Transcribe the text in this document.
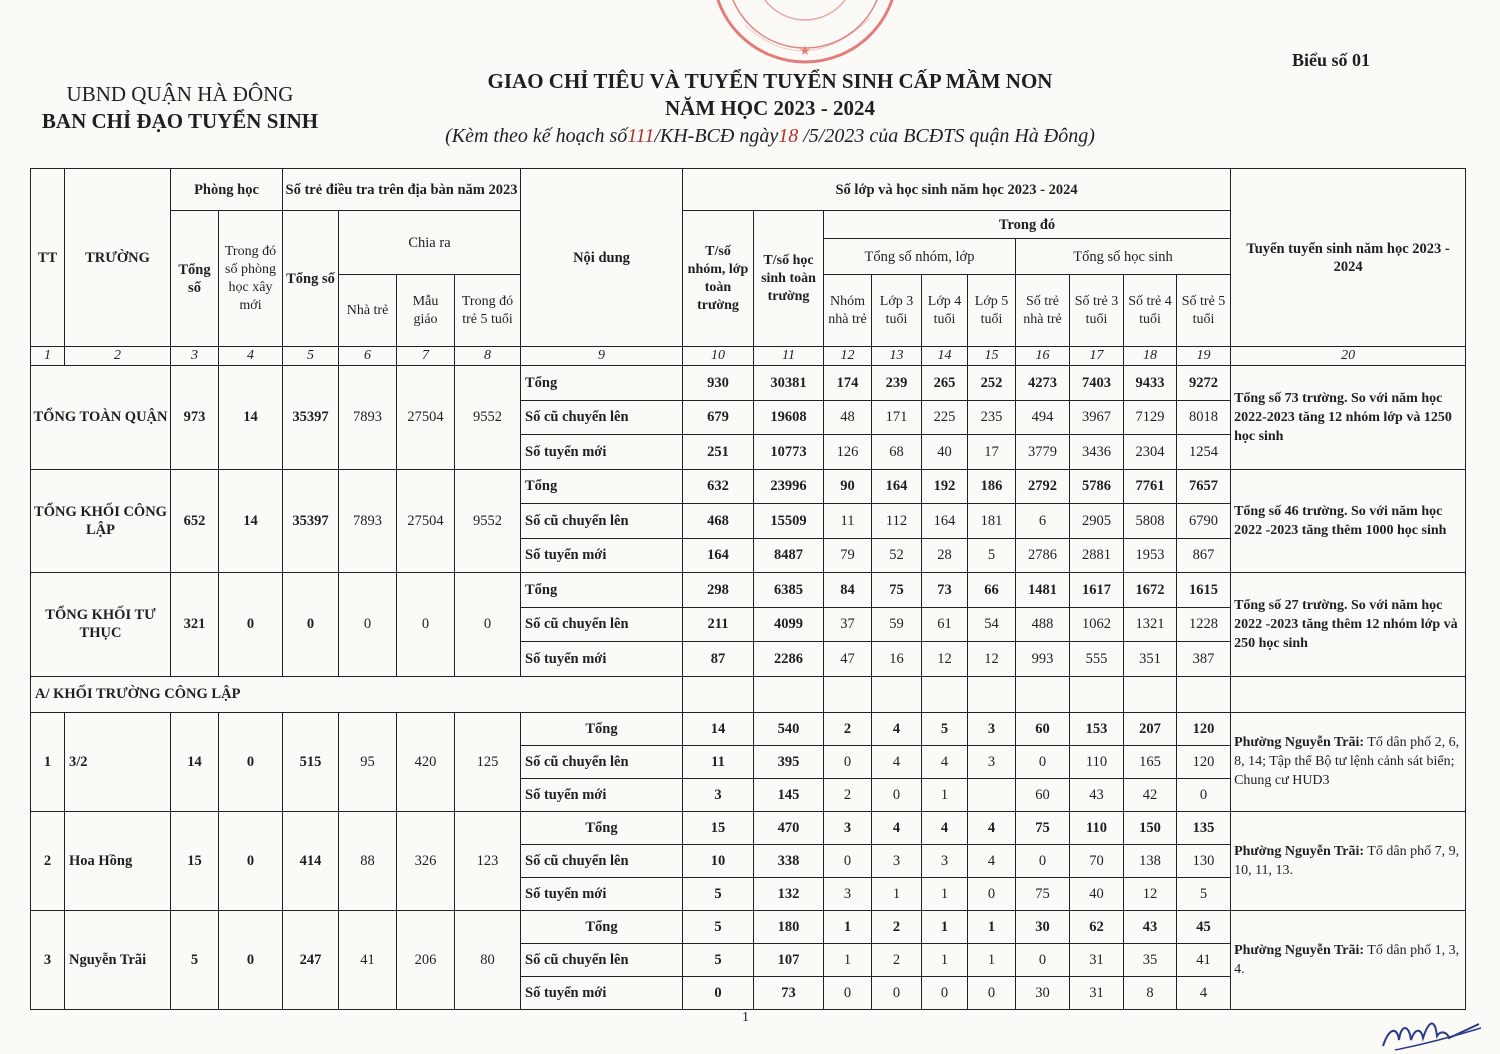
★
UBND QUẬN HÀ ĐÔNG
BAN CHỈ ĐẠO TUYỂN SINH
GIAO CHỈ TIÊU VÀ TUYỂN TUYỂN SINH CẤP MẦM NON
NĂM HỌC 2023 - 2024
(Kèm theo kế hoạch số111/KH-BCĐ ngày18 /5/2023 của BCĐTS quận Hà Đông)
Biểu số 01
TT	TRƯỜNG	Phòng học		Số trẻ điều tra trên địa bàn năm 2023				Nội dung	Số lớp và học sinh năm học 2023 - 2024										Tuyển tuyển sinh năm học 2023 - 2024
		Tổng số	Trong đó số phòng học xây mới	Tổng số	Chia ra				T/số nhóm, lớp toàn trường	T/số học sinh toàn trường	Trong đó								
											Tổng số nhóm, lớp				Tổng số học sinh				
					Nhà trẻ	Mẫu giáo	Trong đó trẻ 5 tuổi				Nhóm nhà trẻ	Lớp 3 tuổi	Lớp 4 tuổi	Lớp 5 tuổi	Số trẻ nhà trẻ	Số trẻ 3 tuổi	Số trẻ 4 tuổi	Số trẻ 5 tuổi	
1	2	3	4	5	6	7	8	9	10	11	12	13	14	15	16	17	18	19	20
TỔNG TOÀN QUẬN		973	14	35397	7893	27504	9552	Tổng	930	30381	174	239	265	252	4273	7403	9433	9272	Tổng số 73 trường. So với năm học 2022-2023 tăng 12 nhóm lớp và 1250 học sinh
								Số cũ chuyển lên	679	19608	48	171	225	235	494	3967	7129	8018	
								Số tuyển mới	251	10773	126	68	40	17	3779	3436	2304	1254	
TỔNG KHỐI CÔNG LẬP		652	14	35397	7893	27504	9552	Tổng	632	23996	90	164	192	186	2792	5786	7761	7657	Tổng số 46 trường. So với năm học 2022 -2023 tăng thêm 1000 học sinh
								Số cũ chuyển lên	468	15509	11	112	164	181	6	2905	5808	6790	
								Số tuyển mới	164	8487	79	52	28	5	2786	2881	1953	867	
TỔNG KHỐI TƯ THỤC		321	0	0	0	0	0	Tổng	298	6385	84	75	73	66	1481	1617	1672	1615	Tổng số 27 trường. So với năm học 2022 -2023 tăng thêm 12 nhóm lớp và 250 học sinh
								Số cũ chuyển lên	211	4099	37	59	61	54	488	1062	1321	1228	
								Số tuyển mới	87	2286	47	16	12	12	993	555	351	387	
A/ KHỐI TRƯỜNG CÔNG LẬP																			
1	3/2	14	0	515	95	420	125	Tổng	14	540	2	4	5	3	60	153	207	120	Phường Nguyễn Trãi: Tổ dân phố 2, 6, 8, 14; Tập thể Bộ tư lệnh cảnh sát biển;
Chung cư HUD3

								Số cũ chuyển lên	11	395	0	4	4	3	0	110	165	120	
								Số tuyển mới	3	145	2	0	1		60	43	42	0	
2	Hoa Hồng	15	0	414	88	326	123	Tổng	15	470	3	4	4	4	75	110	150	135	Phường Nguyễn Trãi: Tổ dân phố 7, 9, 10, 11, 13.
								Số cũ chuyển lên	10	338	0	3	3	4	0	70	138	130	
								Số tuyển mới	5	132	3	1	1	0	75	40	12	5	
3	Nguyễn Trãi	5	0	247	41	206	80	Tổng	5	180	1	2	1	1	30	62	43	45	Phường Nguyễn Trãi: Tổ dân phố 1, 3, 4.
								Số cũ chuyển lên	5	107	1	2	1	1	0	31	35	41	
								Số tuyển mới	0	73	0	0	0	0	30	31	8	4	
1
